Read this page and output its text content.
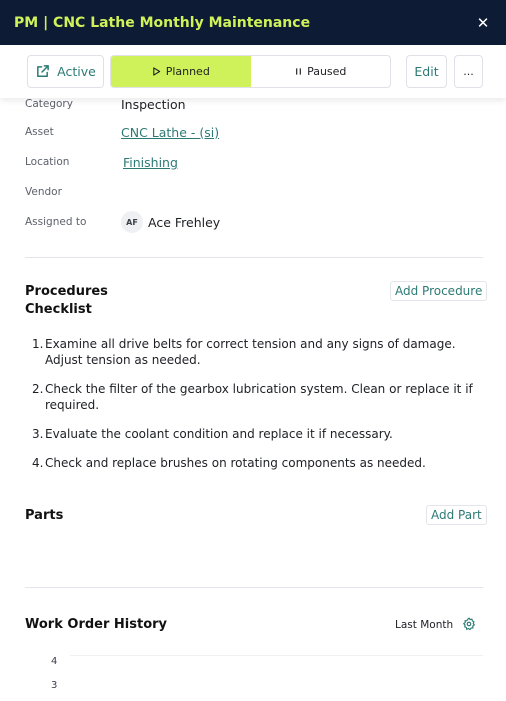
PM | CNC Lathe Monthly Maintenance	✕
Active	Planned	Paused	Edit	...
Category	Inspection
Asset	CNC Lathe - (si)
Location	Finishing
Vendor
Assigned to	AF Ace Frehley
Procedures
Checklist
Add Procedure
1. Examine all drive belts for correct tension and any signs of damage. Adjust tension as needed.
2. Check the filter of the gearbox lubrication system. Clean or replace it if required.
3. Evaluate the coolant condition and replace it if necessary.
4. Check and replace brushes on rotating components as needed.
Parts	Add Part
Work Order History	Last Month
4
3
